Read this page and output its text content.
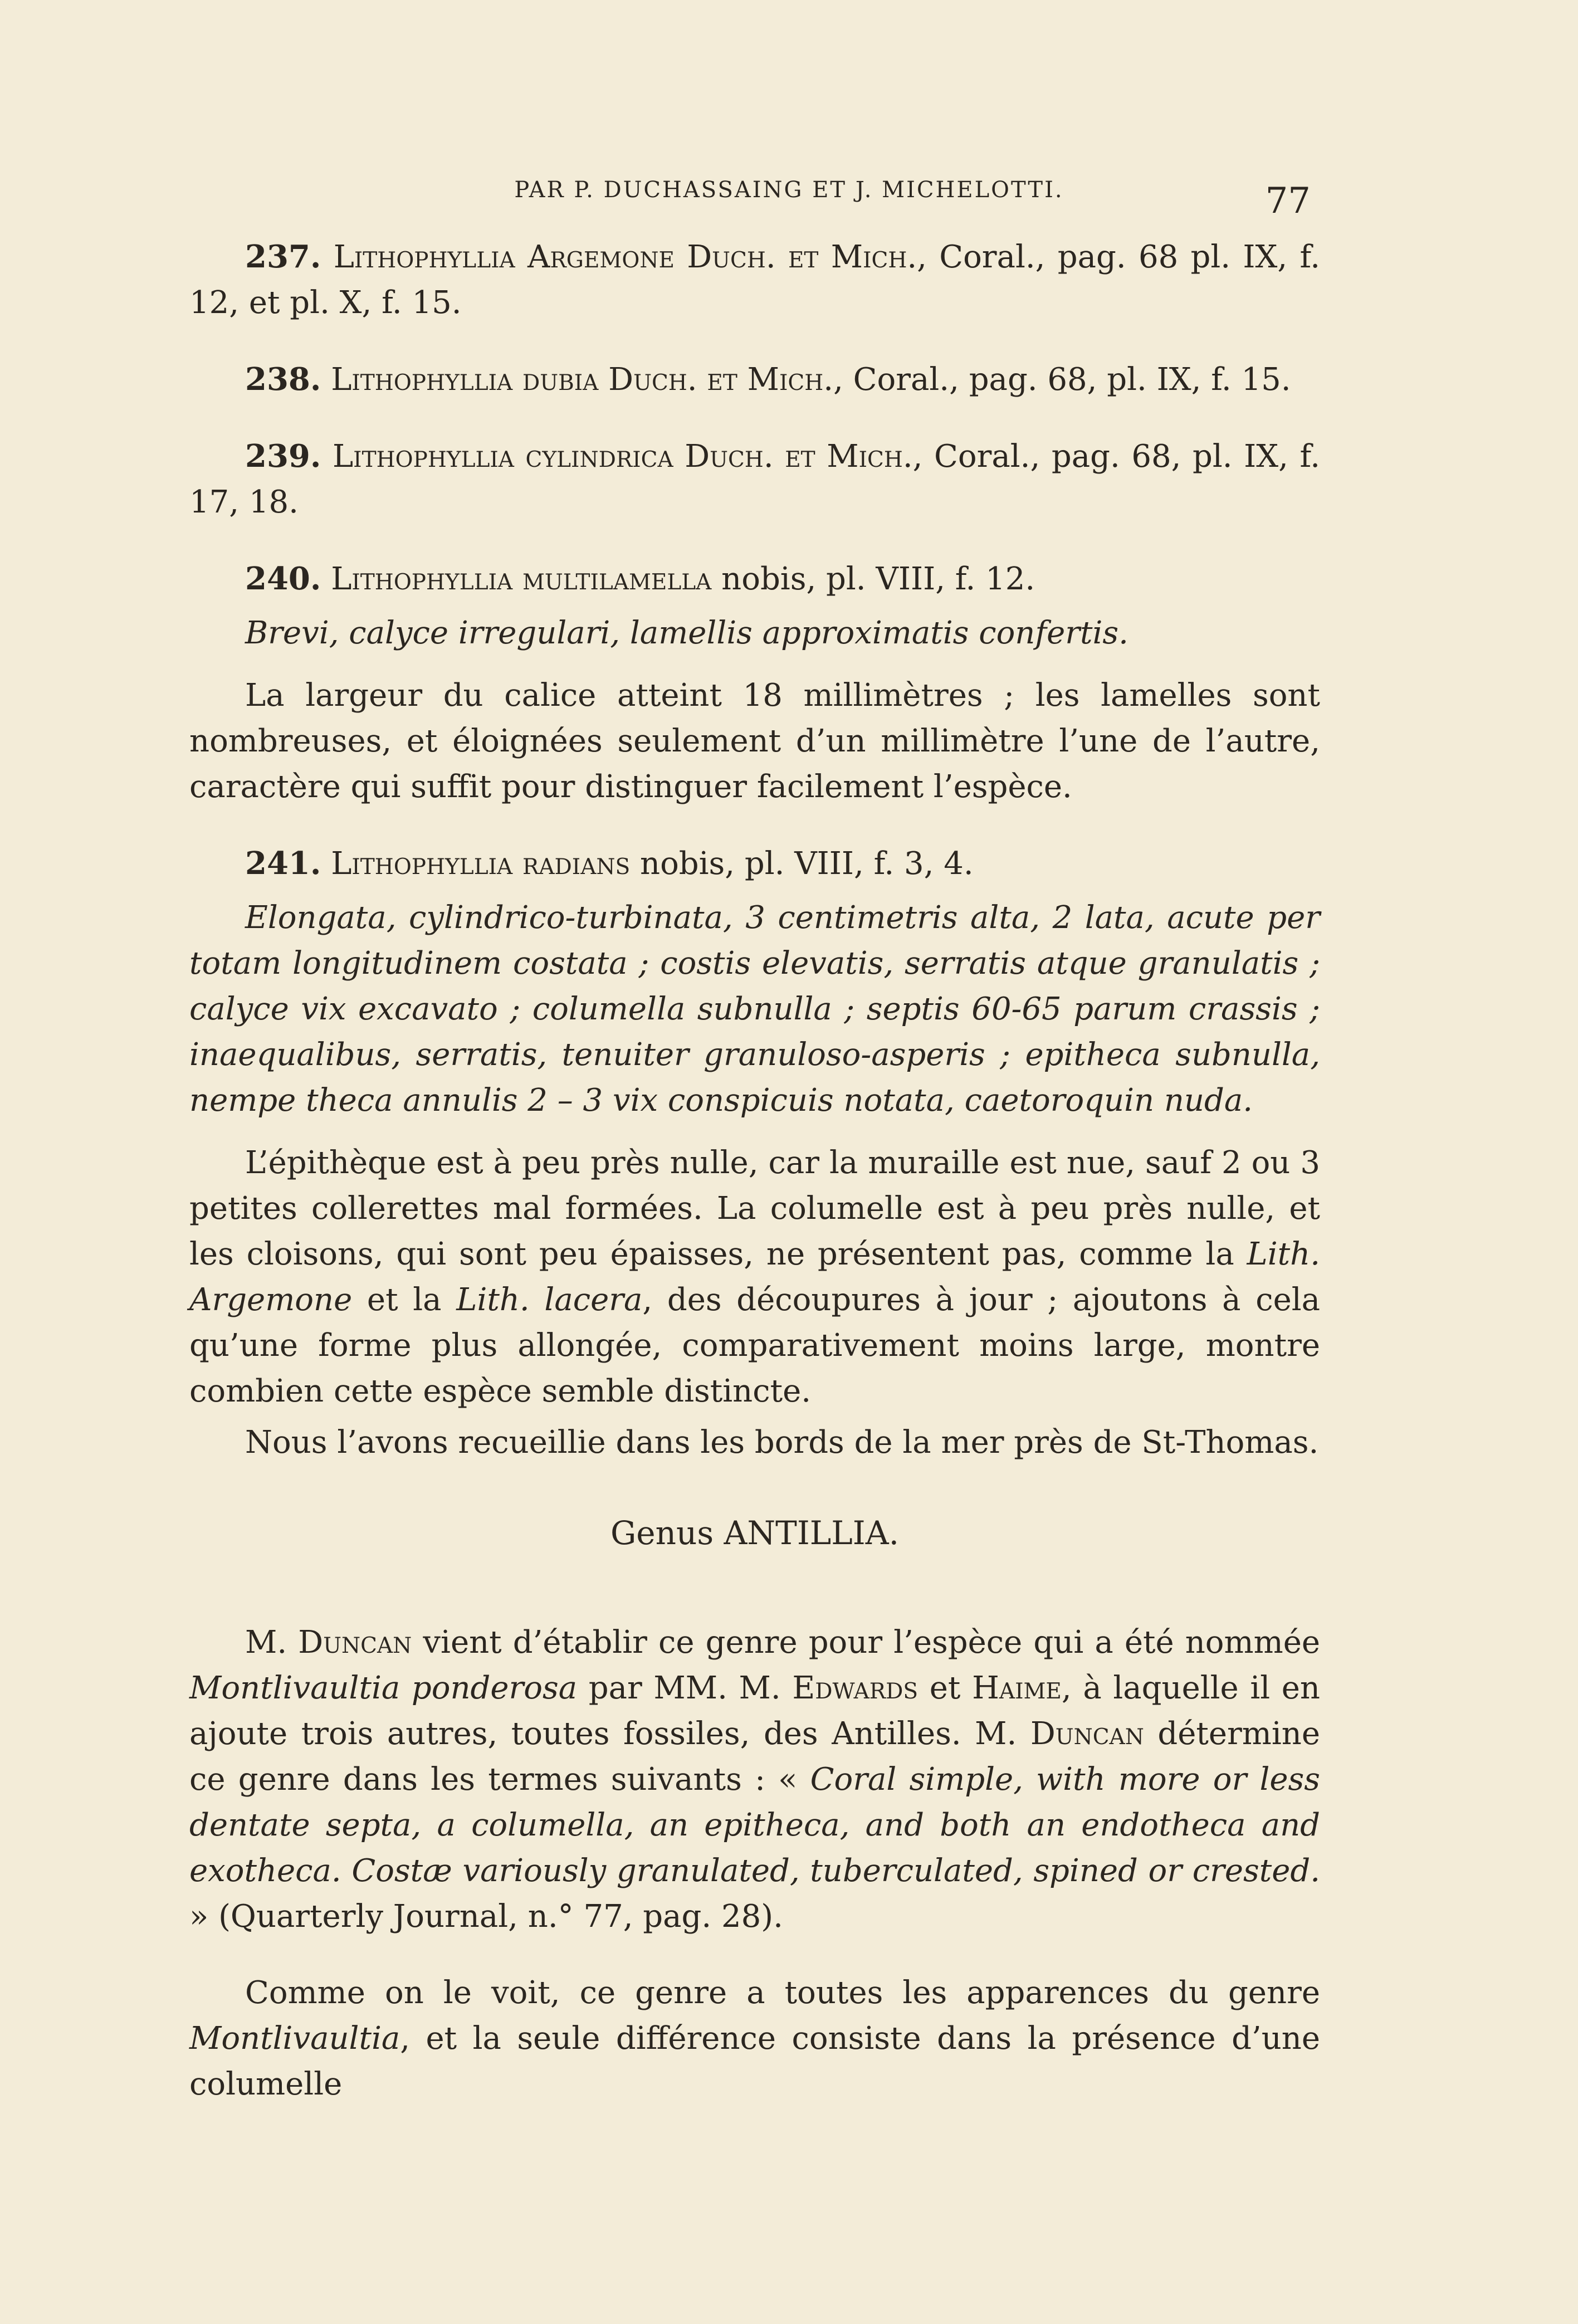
PAR P. DUCHASSAING ET J. MICHELOTTI.	77

237. Lithophyllia Argemone Duch. et Mich., Coral., pag. 68 pl. IX, f. 12, et pl. X, f. 15.

238. Lithophyllia dubia Duch. et Mich., Coral., pag. 68, pl. IX, f. 15.

239. Lithophyllia cylindrica Duch. et Mich., Coral., pag. 68, pl. IX, f. 17, 18.

240. Lithophyllia multilamella nobis, pl. VIII, f. 12.

Brevi, calyce irregulari, lamellis approximatis confertis.

La largeur du calice atteint 18 millimètres ; les lamelles sont nombreuses, et éloignées seulement d’un millimètre l’une de l’autre, caractère qui suffit pour distinguer facilement l’espèce.

241. Lithophyllia radians nobis, pl. VIII, f. 3, 4.

Elongata, cylindrico-turbinata, 3 centimetris alta, 2 lata, acute per totam longitudinem costata ; costis elevatis, serratis atque granulatis ; calyce vix excavato ; columella subnulla ; septis 60-65 parum crassis ; inaequalibus, serratis, tenuiter granuloso-asperis ; epitheca subnulla, nempe theca annulis 2 – 3 vix conspicuis notata, caetoroquin nuda.

L’épithèque est à peu près nulle, car la muraille est nue, sauf 2 ou 3 petites collerettes mal formées. La columelle est à peu près nulle, et les cloisons, qui sont peu épaisses, ne présentent pas, comme la Lith. Argemone et la Lith. lacera, des découpures à jour ; ajoutons à cela qu’une forme plus allongée, comparativement moins large, montre combien cette espèce semble distincte.

Nous l’avons recueillie dans les bords de la mer près de St-Thomas.

Genus ANTILLIA.

M. Duncan vient d’établir ce genre pour l’espèce qui a été nommée Montlivaultia ponderosa par MM. M. Edwards et Haime, à laquelle il en ajoute trois autres, toutes fossiles, des Antilles. M. Duncan détermine ce genre dans les termes suivants : « Coral simple, with more or less dentate septa, a columella, an epitheca, and both an endotheca and exotheca. Costæ variously granulated, tuberculated, spined or crested. » (Quarterly Journal, n.° 77, pag. 28).

Comme on le voit, ce genre a toutes les apparences du genre Montlivaultia, et la seule différence consiste dans la présence d’une columelle
